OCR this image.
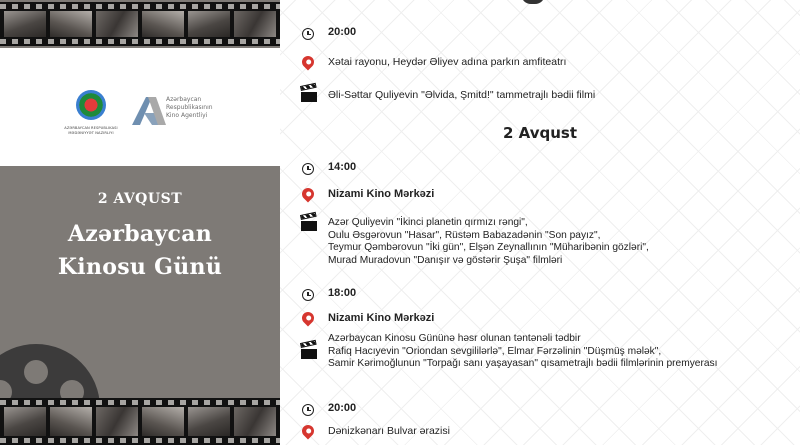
AZƏRBAYCAN RESPUBLIKASI MƏDƏNIYYƏT NAZIRLIYI
Azərbaycan
Respublikasının
Kino Agentliyi
2 AVQUST
Azərbaycan
Kinosu Günü
20:00
Xətai rayonu, Heydər Əliyev adına parkın amfiteatrı
Əli-Səttar Quliyevin "Əlvida, Şmitd!" tammetrajlı bədii filmi
2 Avqust
14:00
Nizami Kino Mərkəzi
Azər Quliyevin "İkinci planetin qırmızı rəngi",
Oulu Əsgərovun "Hasar", Rüstəm Babazadənin "Son payız",
Teymur Qəmbərovun "İki gün", Elşən Zeynallının "Müharibənin gözləri",
Murad Muradovun "Danışır və göstərir Şuşa" filmləri
18:00
Nizami Kino Mərkəzi
Azərbaycan Kinosu Gününə həsr olunan təntənəli tədbir
Rafiq Hacıyevin "Oriondan sevgililərlə", Elmar Fərzəlinin "Düşmüş mələk",
Samir Kərimoğlunun "Torpağı sanı yaşayasan" qısametrajlı bədii filmlərinin premyerası
20:00
Dənizkənarı Bulvar ərazisi
